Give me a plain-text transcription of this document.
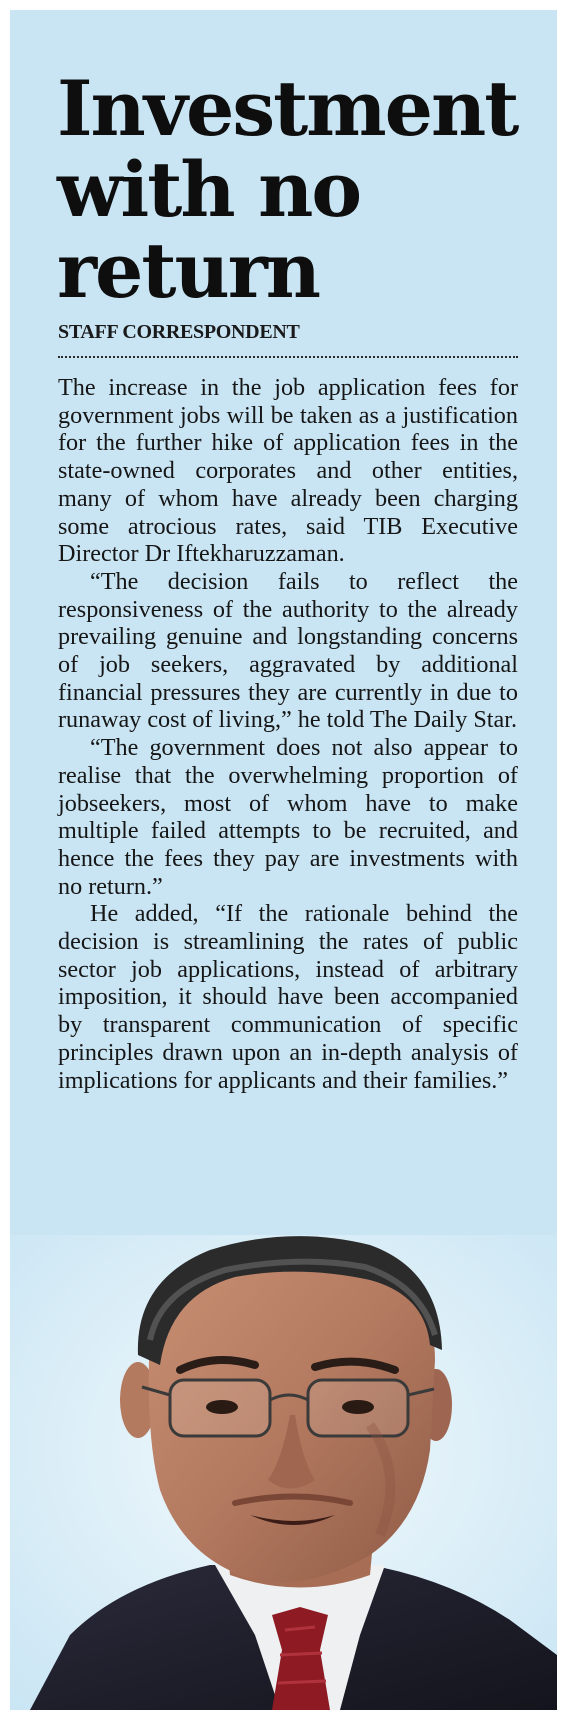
Investment with no return
STAFF CORRESPONDENT

The increase in the job application fees for government jobs will be taken as a justification for the further hike of application fees in the state-owned corporates and other entities, many of whom have already been charging some atrocious rates, said TIB Executive Director Dr Iftekharuzzaman.

“The decision fails to reflect the responsiveness of the authority to the already prevailing genuine and longstanding concerns of job seekers, aggravated by additional financial pressures they are currently in due to runaway cost of living,” he told The Daily Star.

“The government does not also appear to realise that the overwhelming proportion of jobseekers, most of whom have to make multiple failed attempts to be recruited, and hence the fees they pay are investments with no return.”

He added, “If the rationale behind the decision is streamlining the rates of public sector job applications, instead of arbitrary imposition, it should have been accompanied by transparent communication of specific principles drawn upon an in-depth analysis of implications for applicants and their families.”
